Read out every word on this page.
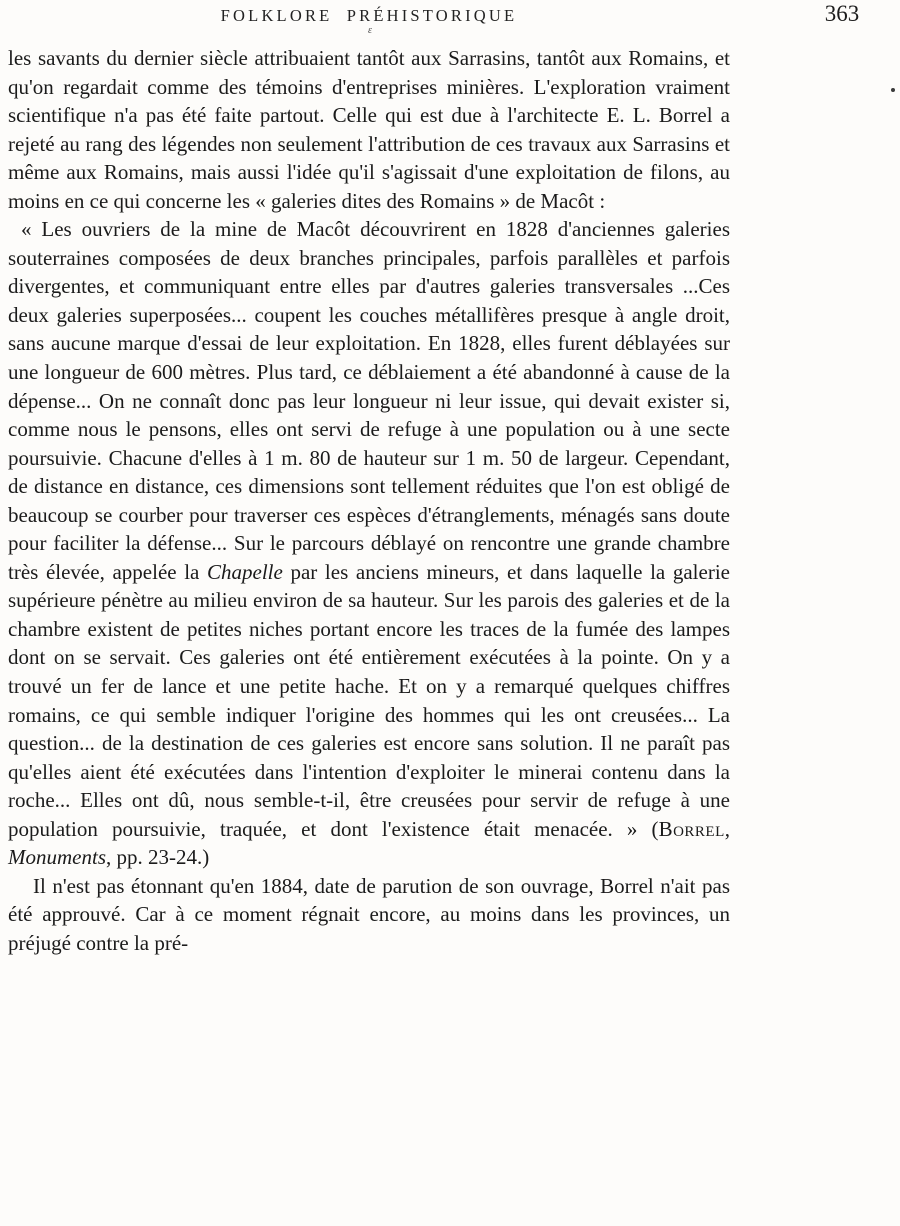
FOLKLORE PRÉHISTORIQUE	363
ε

les savants du dernier siècle attribuaient tantôt aux Sarrasins, tantôt aux Romains, et qu'on regardait comme des témoins d'entreprises minières. L'exploration vraiment scientifique n'a pas été faite partout. Celle qui est due à l'architecte E. L. Borrel a rejeté au rang des légendes non seulement l'attribution de ces travaux aux Sarrasins et même aux Romains, mais aussi l'idée qu'il s'agissait d'une exploitation de filons, au moins en ce qui concerne les « galeries dites des Romains » de Macôt :

« Les ouvriers de la mine de Macôt découvrirent en 1828 d'anciennes galeries souterraines composées de deux branches principales, parfois parallèles et parfois divergentes, et communiquant entre elles par d'autres galeries transversales ...Ces deux galeries superposées... coupent les couches métallifères presque à angle droit, sans aucune marque d'essai de leur exploitation. En 1828, elles furent déblayées sur une longueur de 600 mètres. Plus tard, ce déblaiement a été abandonné à cause de la dépense... On ne connaît donc pas leur longueur ni leur issue, qui devait exister si, comme nous le pensons, elles ont servi de refuge à une population ou à une secte poursuivie. Chacune d'elles à 1 m. 80 de hauteur sur 1 m. 50 de largeur. Cependant, de distance en distance, ces dimensions sont tellement réduites que l'on est obligé de beaucoup se courber pour traverser ces espèces d'étranglements, ménagés sans doute pour faciliter la défense... Sur le parcours déblayé on rencontre une grande chambre très élevée, appelée la Chapelle par les anciens mineurs, et dans laquelle la galerie supérieure pénètre au milieu environ de sa hauteur. Sur les parois des galeries et de la chambre existent de petites niches portant encore les traces de la fumée des lampes dont on se servait. Ces galeries ont été entièrement exécutées à la pointe. On y a trouvé un fer de lance et une petite hache. Et on y a remarqué quelques chiffres romains, ce qui semble indiquer l'origine des hommes qui les ont creusées... La question... de la destination de ces galeries est encore sans solution. Il ne paraît pas qu'elles aient été exécutées dans l'intention d'exploiter le minerai contenu dans la roche... Elles ont dû, nous semble-t-il, être creusées pour servir de refuge à une population poursuivie, traquée, et dont l'existence était menacée. » (Borrel, Monuments, pp. 23-24.)

Il n'est pas étonnant qu'en 1884, date de parution de son ouvrage, Borrel n'ait pas été approuvé. Car à ce moment régnait encore, au moins dans les provinces, un préjugé contre la pré-
